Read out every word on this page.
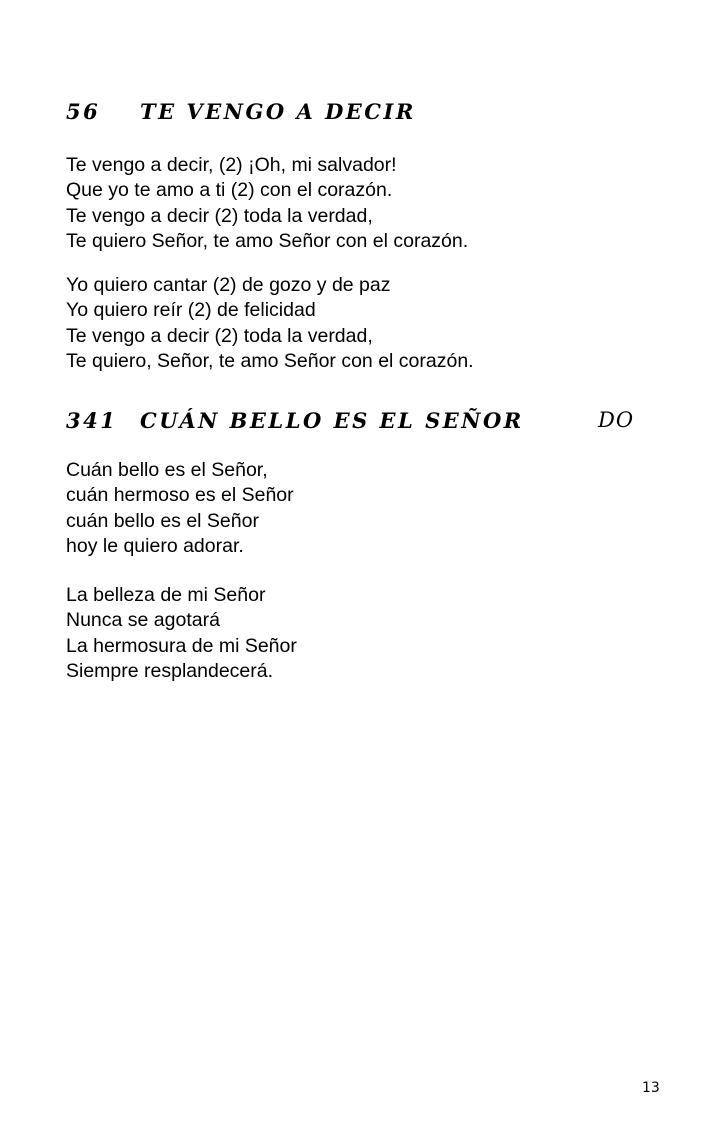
56 TE VENGO A DECIR
Te vengo a decir, (2) ¡Oh, mi salvador!
Que yo te amo a ti (2) con el corazón.
Te vengo a decir (2) toda la verdad,
Te quiero Señor, te amo Señor con el corazón.
Yo quiero cantar (2) de gozo y de paz
Yo quiero reír (2) de felicidad
Te vengo a decir (2) toda la verdad,
Te quiero, Señor, te amo Señor con el corazón.
341 CUÁN BELLO ES EL SEÑOR	DO
Cuán bello es el Señor,
cuán hermoso es el Señor
cuán bello es el Señor
hoy le quiero adorar.
La belleza de mi Señor
Nunca se agotará
La hermosura de mi Señor
Siempre resplandecerá.
13
